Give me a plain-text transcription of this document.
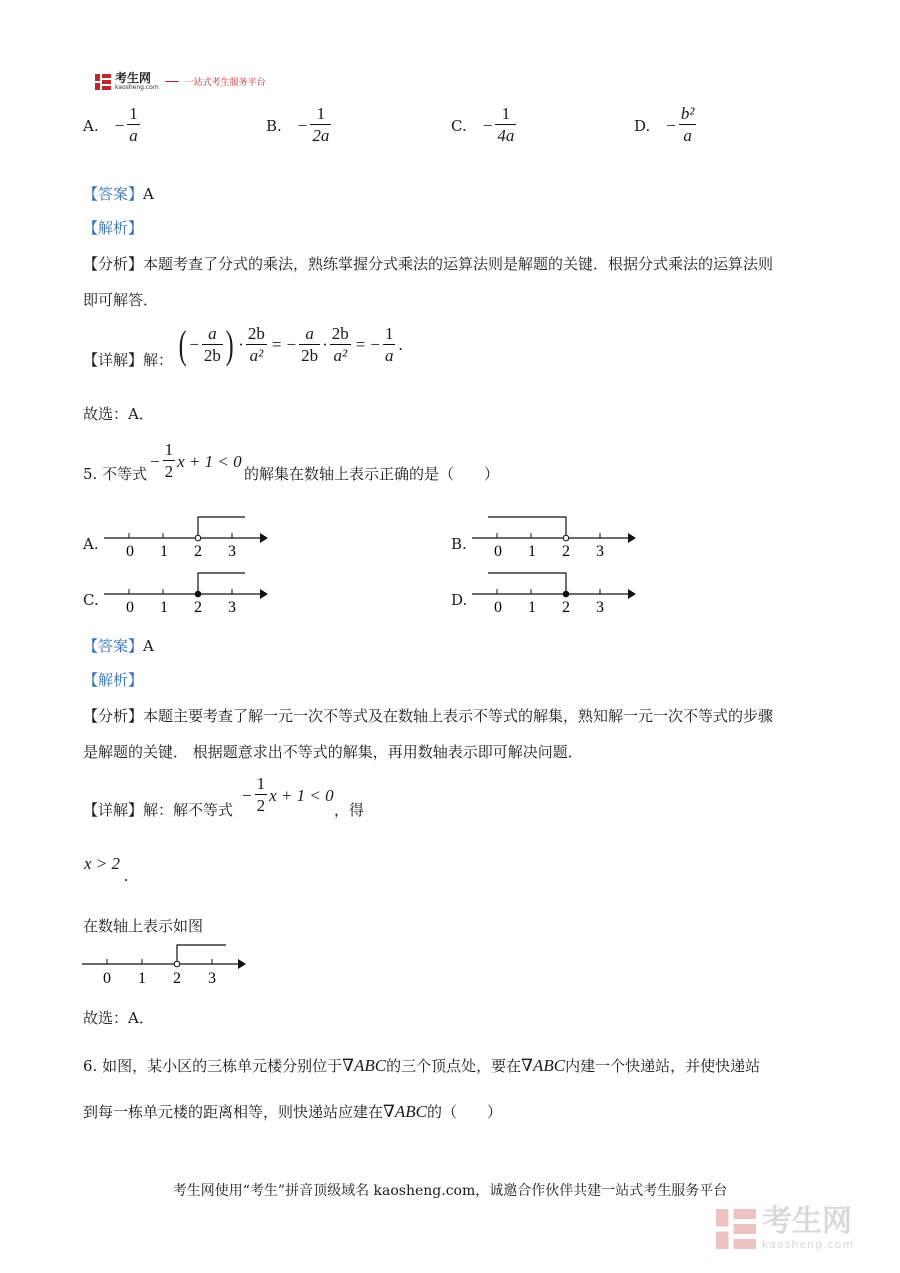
考生网
kaosheng.com	一站式考生服务平台
A. − $\frac{1}{a}$	B. − $\frac{1}{2a}$	C. − $\frac{1}{4a}$	D. − $\frac{\text{b²}}{a}$
【答案】A
【解析】
【分析】本题考查了分式的乘法，熟练掌握分式乘法的运算法则是解题的关键．根据分式乘法的运算法则
即可解答．
【详解】解： ( − $\frac{a}{2b}$ ) · $\frac{2b}{\text{a²}}$ = − $\frac{a}{2b} \cdot \frac{2b}{\text{a²}}$ = − $\frac{1}{a}$ .
故选：A．
5. 不等式
− $\frac{1}{2}$ x + 1 < 0
的解集在数轴上表示正确的是（　　）
A.	B.
C.	D.
0 1 2 3	0 1 2 3
0 1 2 3	0 1 2 3
【答案】A
【解析】
【分析】本题主要考查了解一元一次不等式及在数轴上表示不等式的解集，熟知解一元一次不等式的步骤
是解题的关键． 根据题意求出不等式的解集，再用数轴表示即可解决问题．
【详解】解：解不等式
− $\frac{1}{2}$ x + 1 < 0
，得
x > 2
.
在数轴上表示如图
0 1 2 3
故选：A．
6. 如图，某小区的三栋单元楼分别位于∇ABC的三个顶点处，要在∇ABC内建一个快递站，并使快递站
到每一栋单元楼的距离相等，则快递站应建在∇ABC的（　　）
考生网使用“考生”拼音顶级域名 kaosheng.com，诚邀合作伙伴共建一站式考生服务平台
考生网
kaosheng.com
